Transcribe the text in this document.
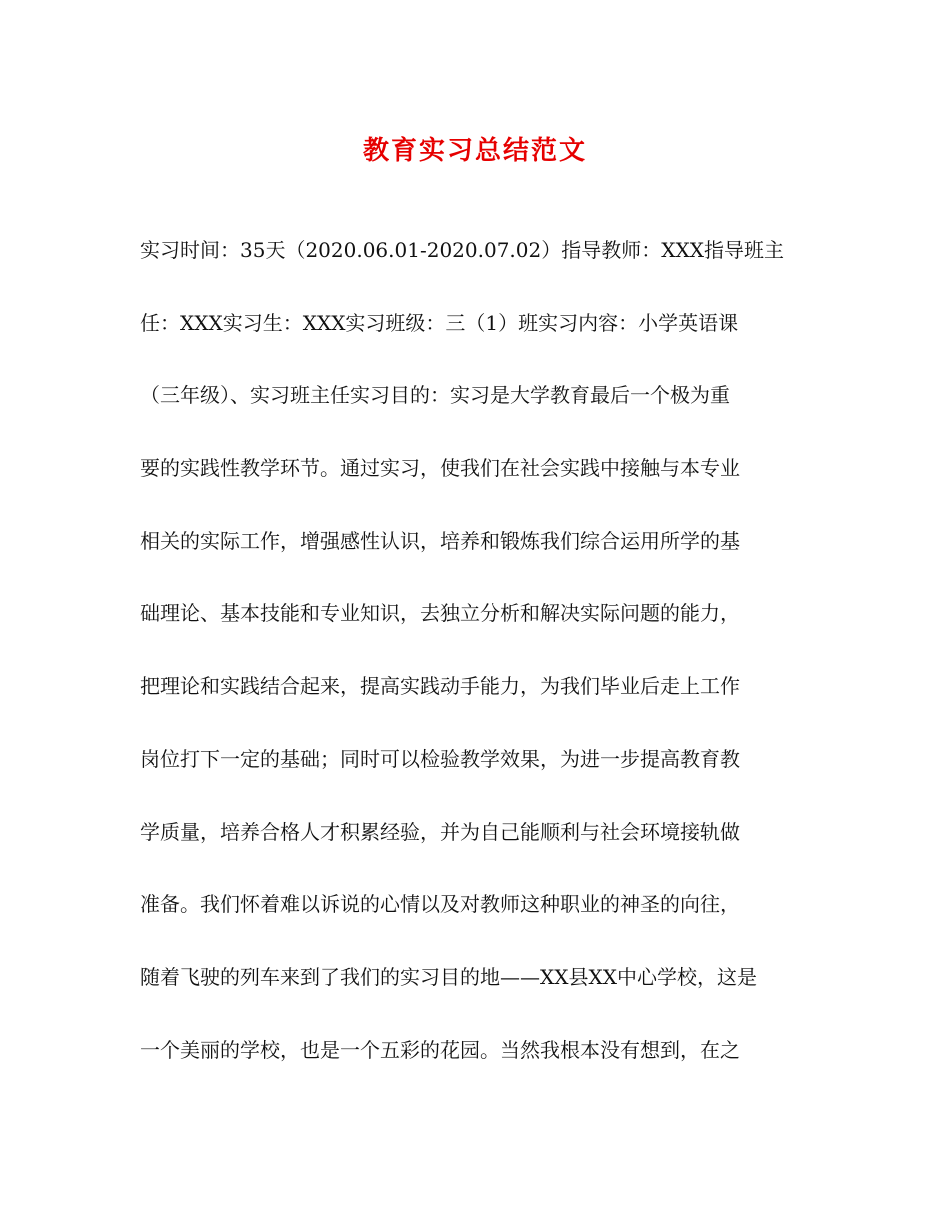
教育实习总结范文
实习时间：35天（2020.06.01-2020.07.02）指导教师：XXX指导班主
任：XXX实习生：XXX实习班级：三（1）班实习内容：小学英语课
（三年级）、实习班主任实习目的：实习是大学教育最后一个极为重
要的实践性教学环节。通过实习，使我们在社会实践中接触与本专业
相关的实际工作，增强感性认识，培养和锻炼我们综合运用所学的基
础理论、基本技能和专业知识，去独立分析和解决实际问题的能力，
把理论和实践结合起来，提高实践动手能力，为我们毕业后走上工作
岗位打下一定的基础；同时可以检验教学效果，为进一步提高教育教
学质量，培养合格人才积累经验，并为自己能顺利与社会环境接轨做
准备。我们怀着难以诉说的心情以及对教师这种职业的神圣的向往，
随着飞驶的列车来到了我们的实习目的地——XX县XX中心学校，这是
一个美丽的学校，也是一个五彩的花园。当然我根本没有想到，在之
